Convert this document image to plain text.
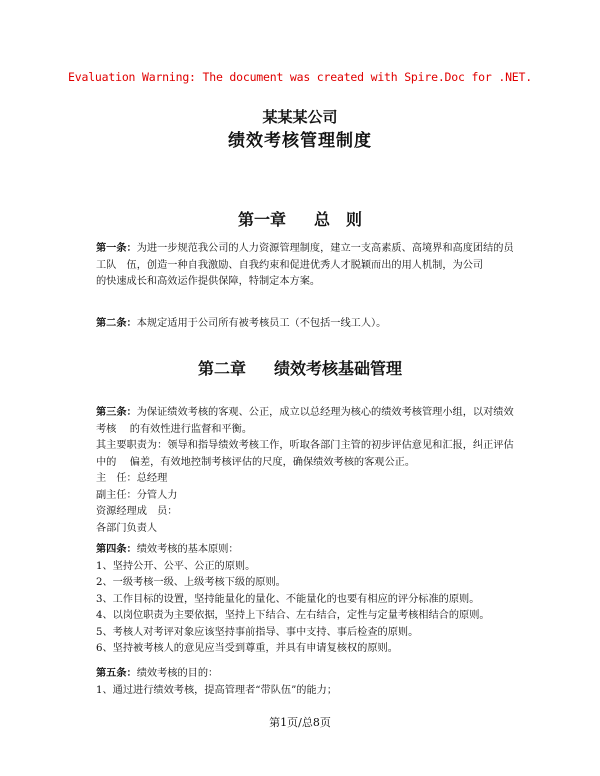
Evaluation Warning: The document was created with Spire.Doc for .NET.
某某某公司
绩效考核管理制度
第一章 总　则
第一条：为进一步规范我公司的人力资源管理制度，建立一支高素质、高境界和高度团结的员
工队　伍，创造一种自我激励、自我约束和促进优秀人才脱颖而出的用人机制，为公司
的快速成长和高效运作提供保障，特制定本方案。
第二条：本规定适用于公司所有被考核员工（不包括一线工人）。
第二章 绩效考核基础管理
第三条：为保证绩效考核的客观、公正，成立以总经理为核心的绩效考核管理小组，以对绩效
考核　 的有效性进行监督和平衡。
其主要职责为：领导和指导绩效考核工作，听取各部门主管的初步评估意见和汇报，纠正评估
中的　 偏差，有效地控制考核评估的尺度，确保绩效考核的客观公正。
主　任：总经理
副主任：分管人力
资源经理成　员：
各部门负责人
第四条：绩效考核的基本原则：
1、坚持公开、公平、公正的原则。
2、一级考核一级、上级考核下级的原则。
3、工作目标的设置，坚持能量化的量化、不能量化的也要有相应的评分标准的原则。
4、以岗位职责为主要依据，坚持上下结合、左右结合，定性与定量考核相结合的原则。
5、考核人对考评对象应该坚持事前指导、事中支持、事后检查的原则。
6、坚持被考核人的意见应当受到尊重，并具有申请复核权的原则。
第五条：绩效考核的目的：
1、通过进行绩效考核，提高管理者“带队伍”的能力；
第1页/总8页
